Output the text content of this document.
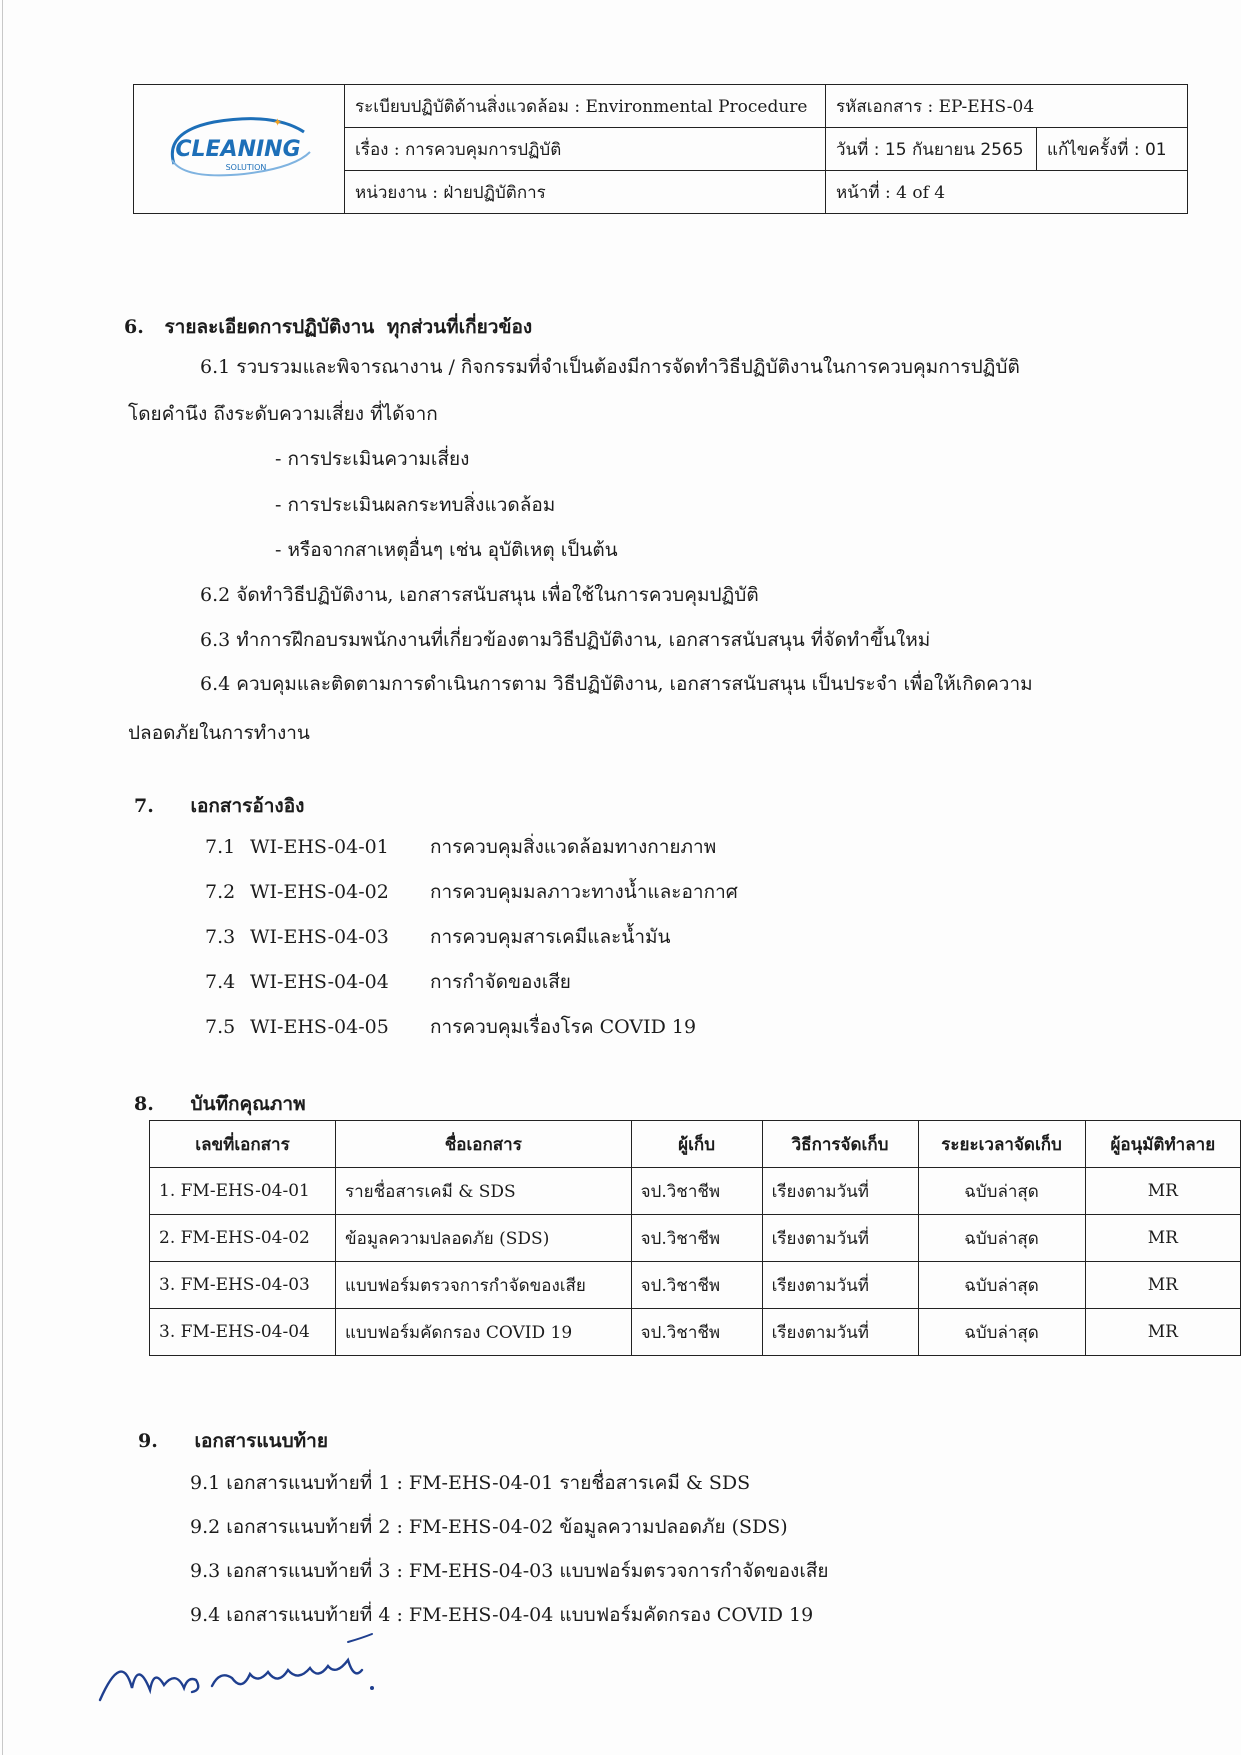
CLEANING
SOLUTION
✦	ระเบียบปฏิบัติด้านสิ่งแวดล้อม : Environmental Procedure	รหัสเอกสาร : EP-EHS-04	
	เรื่อง : การควบคุมการปฏิบัติ	วันที่ : 15 กันยายน 2565	แก้ไขครั้งที่ : 01
	หน่วยงาน : ฝ่ายปฏิบัติการ	หน้าที่ : 4 of 4	
6. รายละเอียดการปฏิบัติงาน ทุกส่วนที่เกี่ยวข้อง
6.1 รวบรวมและพิจารณางาน / กิจกรรมที่จำเป็นต้องมีการจัดทำวิธีปฏิบัติงานในการควบคุมการปฏิบัติ
โดยคำนึง ถึงระดับความเสี่ยง ที่ได้จาก
- การประเมินความเสี่ยง
- การประเมินผลกระทบสิ่งแวดล้อม
- หรือจากสาเหตุอื่นๆ เช่น อุบัติเหตุ เป็นต้น
6.2 จัดทำวิธีปฏิบัติงาน, เอกสารสนับสนุน เพื่อใช้ในการควบคุมปฏิบัติ
6.3 ทำการฝึกอบรมพนักงานที่เกี่ยวข้องตามวิธีปฏิบัติงาน, เอกสารสนับสนุน ที่จัดทำขึ้นใหม่
6.4 ควบคุมและติดตามการดำเนินการตาม วิธีปฏิบัติงาน, เอกสารสนับสนุน เป็นประจำ เพื่อให้เกิดความ
ปลอดภัยในการทำงาน
7. เอกสารอ้างอิง
7.1 WI-EHS-04-01 การควบคุมสิ่งแวดล้อมทางกายภาพ
7.2 WI-EHS-04-02 การควบคุมมลภาวะทางน้ำและอากาศ
7.3 WI-EHS-04-03 การควบคุมสารเคมีและน้ำมัน
7.4 WI-EHS-04-04 การกำจัดของเสีย
7.5 WI-EHS-04-05 การควบคุมเรื่องโรค COVID 19
8. บันทึกคุณภาพ
เลขที่เอกสาร	ชื่อเอกสาร	ผู้เก็บ	วิธีการจัดเก็บ	ระยะเวลาจัดเก็บ	ผู้อนุมัติทำลาย
1. FM-EHS-04-01	รายชื่อสารเคมี & SDS	จป.วิชาชีพ	เรียงตามวันที่	ฉบับล่าสุด	MR
2. FM-EHS-04-02	ข้อมูลความปลอดภัย (SDS)	จป.วิชาชีพ	เรียงตามวันที่	ฉบับล่าสุด	MR
3. FM-EHS-04-03	แบบฟอร์มตรวจการกำจัดของเสีย	จป.วิชาชีพ	เรียงตามวันที่	ฉบับล่าสุด	MR
3. FM-EHS-04-04	แบบฟอร์มคัดกรอง COVID 19	จป.วิชาชีพ	เรียงตามวันที่	ฉบับล่าสุด	MR
9. เอกสารแนบท้าย
9.1 เอกสารแนบท้ายที่ 1 : FM-EHS-04-01 รายชื่อสารเคมี & SDS
9.2 เอกสารแนบท้ายที่ 2 : FM-EHS-04-02 ข้อมูลความปลอดภัย (SDS)
9.3 เอกสารแนบท้ายที่ 3 : FM-EHS-04-03 แบบฟอร์มตรวจการกำจัดของเสีย
9.4 เอกสารแนบท้ายที่ 4 : FM-EHS-04-04 แบบฟอร์มคัดกรอง COVID 19
